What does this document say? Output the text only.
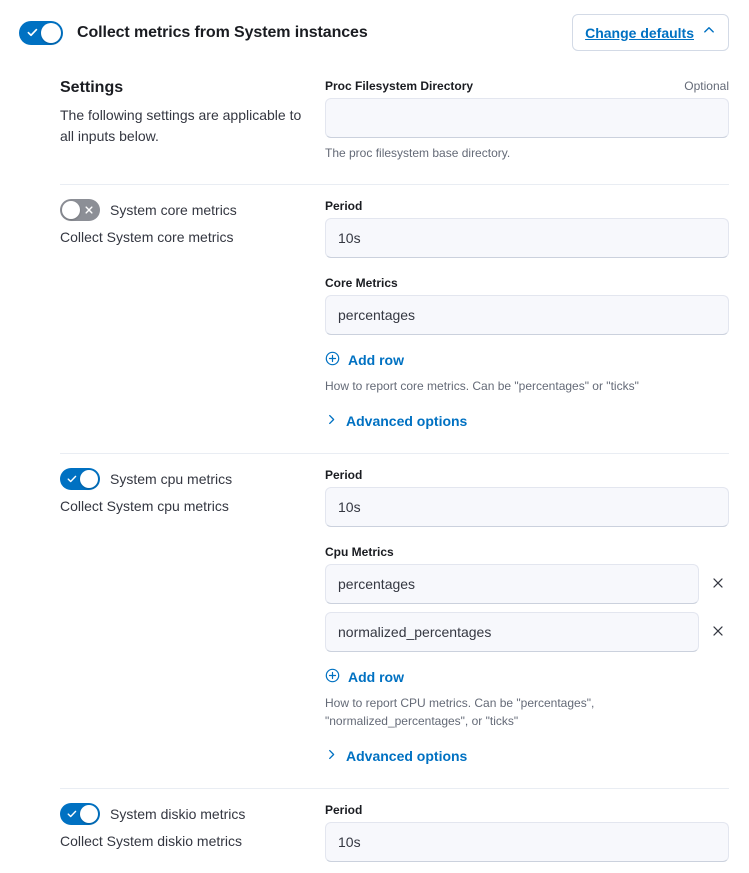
Collect metrics from System instances	Change defaults
Settings

The following settings are applicable to all inputs below.

Proc Filesystem Directory	Optional
The proc filesystem base directory.
System core metrics
Collect System core metrics
Period
10s
Core Metrics
percentages
Add row
How to report core metrics. Can be "percentages" or "ticks"
Advanced options
System cpu metrics
Collect System cpu metrics
Period
10s
Cpu Metrics
percentages
normalized_percentages
Add row
How to report CPU metrics. Can be "percentages", "normalized_percentages", or "ticks"
Advanced options
System diskio metrics
Collect System diskio metrics
Period
10s
